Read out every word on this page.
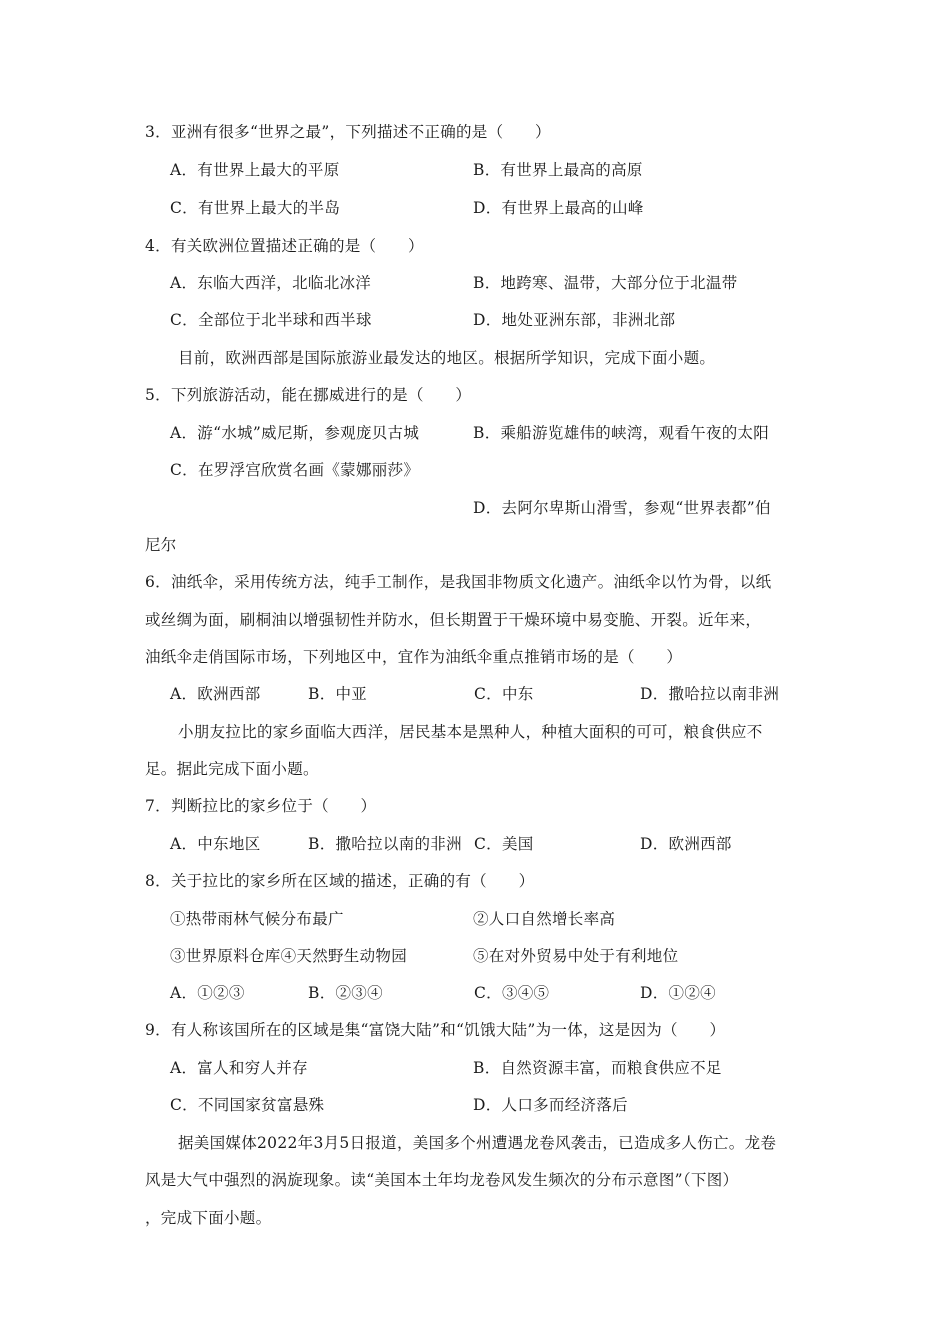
3．亚洲有很多“世界之最”，下列描述不正确的是（　　）
A．有世界上最大的平原	B．有世界上最高的高原
C．有世界上最大的半岛	D．有世界上最高的山峰
4．有关欧洲位置描述正确的是（　　）
A．东临大西洋，北临北冰洋	B．地跨寒、温带，大部分位于北温带
C．全部位于北半球和西半球	D．地处亚洲东部，非洲北部
目前，欧洲西部是国际旅游业最发达的地区。根据所学知识，完成下面小题。
5．下列旅游活动，能在挪威进行的是（　　）
A．游“水城”威尼斯，参观庞贝古城	B．乘船游览雄伟的峡湾，观看午夜的太阳
C．在罗浮宫欣赏名画《蒙娜丽莎》
D．去阿尔卑斯山滑雪，参观“世界表都”伯
尼尔
6．油纸伞，采用传统方法，纯手工制作，是我国非物质文化遗产。油纸伞以竹为骨，以纸
或丝绸为面，刷桐油以增强韧性并防水，但长期置于干燥环境中易变脆、开裂。近年来，
油纸伞走俏国际市场，下列地区中，宜作为油纸伞重点推销市场的是（　　）
A．欧洲西部	B．中亚	C．中东	D．撒哈拉以南非洲
小朋友拉比的家乡面临大西洋，居民基本是黑种人，种植大面积的可可，粮食供应不
足。据此完成下面小题。
7．判断拉比的家乡位于（　　）
A．中东地区	B．撒哈拉以南的非洲 C．美国	D．欧洲西部
8．关于拉比的家乡所在区域的描述，正确的有（　　）
①热带雨林气候分布最广	②人口自然增长率高
③世界原料仓库④天然野生动物园	⑤在对外贸易中处于有利地位
A．①②③	B．②③④	C．③④⑤	D．①②④
9．有人称该国所在的区域是集“富饶大陆”和“饥饿大陆”为一体，这是因为（　　）
A．富人和穷人并存	B．自然资源丰富，而粮食供应不足
C．不同国家贫富悬殊	D．人口多而经济落后
据美国媒体2022年3月5日报道，美国多个州遭遇龙卷风袭击，已造成多人伤亡。龙卷
风是大气中强烈的涡旋现象。读“美国本土年均龙卷风发生频次的分布示意图”（下图）
，完成下面小题。
